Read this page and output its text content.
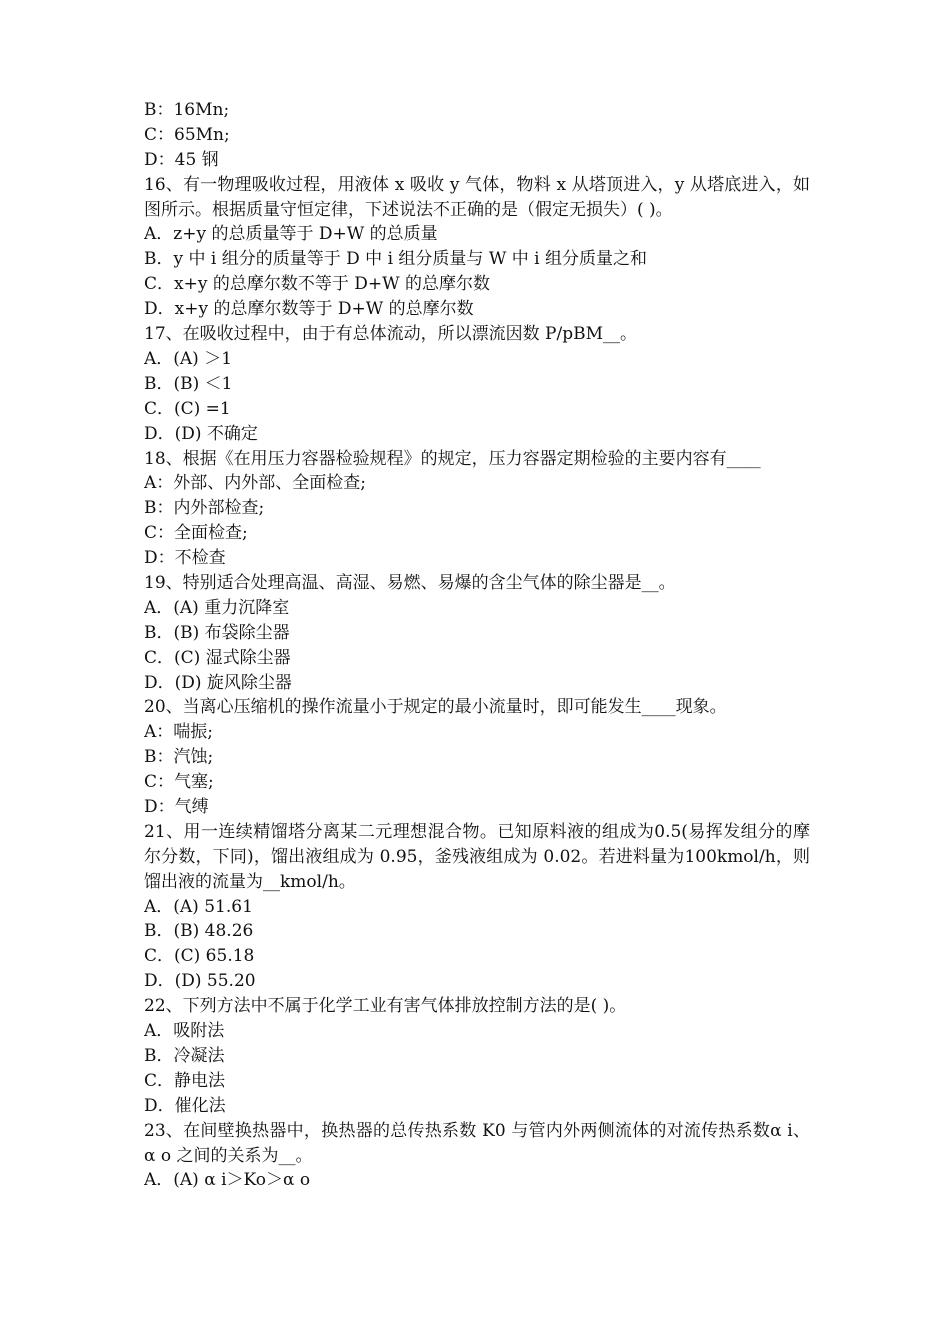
B：16Mn;
C：65Mn;
D：45 钢
16、有一物理吸收过程，用液体 x 吸收 y 气体，物料 x 从塔顶进入，y 从塔底进入，如图所示。根据质量守恒定律，下述说法不正确的是（假定无损失）( )。
A．z+y 的总质量等于 D+W 的总质量
B．y 中 i 组分的质量等于 D 中 i 组分质量与 W 中 i 组分质量之和
C．x+y 的总摩尔数不等于 D+W 的总摩尔数
D．x+y 的总摩尔数等于 D+W 的总摩尔数
17、在吸收过程中，由于有总体流动，所以漂流因数 P/pBM__。
A．(A) ＞1
B．(B) ＜1
C．(C) =1
D．(D) 不确定
18、根据《在用压力容器检验规程》的规定，压力容器定期检验的主要内容有____
A：外部、内外部、全面检查;
B：内外部检查;
C：全面检查;
D：不检查
19、特别适合处理高温、高湿、易燃、易爆的含尘气体的除尘器是__。
A．(A) 重力沉降室
B．(B) 布袋除尘器
C．(C) 湿式除尘器
D．(D) 旋风除尘器
20、当离心压缩机的操作流量小于规定的最小流量时，即可能发生____现象。
A：喘振;
B：汽蚀;
C：气塞;
D：气缚
21、用一连续精馏塔分离某二元理想混合物。已知原料液的组成为0.5(易挥发组分的摩尔分数，下同)，馏出液组成为 0.95，釜残液组成为 0.02。若进料量为100kmol/h，则馏出液的流量为__kmol/h。
A．(A) 51.61
B．(B) 48.26
C．(C) 65.18
D．(D) 55.20
22、下列方法中不属于化学工业有害气体排放控制方法的是( )。
A．吸附法
B．冷凝法
C．静电法
D．催化法
23、在间壁换热器中，换热器的总传热系数 K0 与管内外两侧流体的对流传热系数α i、α o 之间的关系为__。
A．(A) α i＞Ko＞α o
